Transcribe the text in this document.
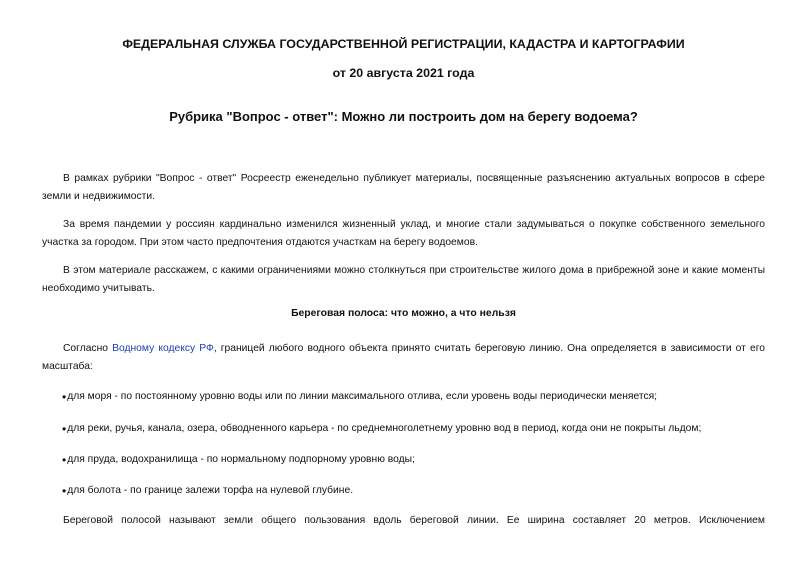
ФЕДЕРАЛЬНАЯ СЛУЖБА ГОСУДАРСТВЕННОЙ РЕГИСТРАЦИИ, КАДАСТРА И КАРТОГРАФИИ
от 20 августа 2021 года
Рубрика "Вопрос - ответ": Можно ли построить дом на берегу водоема?

В рамках рубрики "Вопрос - ответ" Росреестр еженедельно публикует материалы, посвященные разъяснению актуальных вопросов в сфере земли и недвижимости.

За время пандемии у россиян кардинально изменился жизненный уклад, и многие стали задумываться о покупке собственного земельного участка за городом. При этом часто предпочтения отдаются участкам на берегу водоемов.

В этом материале расскажем, с какими ограничениями можно столкнуться при строительстве жилого дома в прибрежной зоне и какие моменты необходимо учитывать.

Береговая полоса: что можно, а что нельзя

Согласно Водному кодексу РФ, границей любого водного объекта принято считать береговую линию. Она определяется в зависимости от его масштаба:

•для моря - по постоянному уровню воды или по линии максимального отлива, если уровень воды периодически меняется;
•для реки, ручья, канала, озера, обводненного карьера - по среднемноголетнему уровню вод в период, когда они не покрыты льдом;
•для пруда, водохранилища - по нормальному подпорному уровню воды;
•для болота - по границе залежи торфа на нулевой глубине.

Береговой полосой называют земли общего пользования вдоль береговой линии. Ее ширина составляет 20 метров. Исключением
